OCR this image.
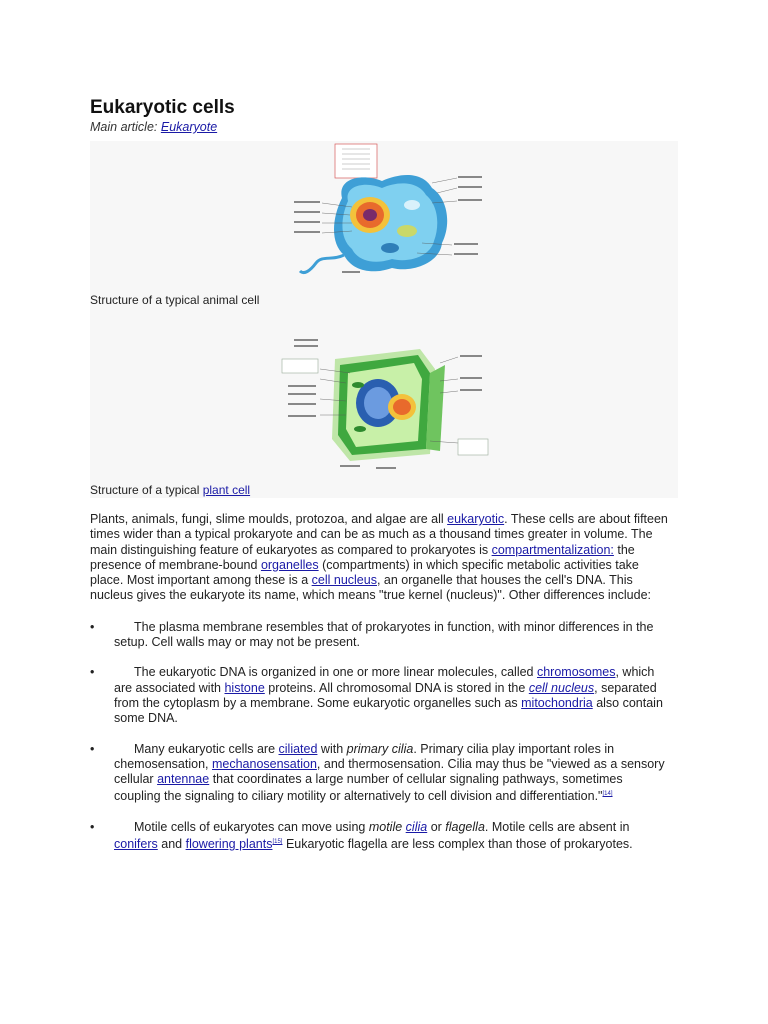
Eukaryotic cells
Main article: Eukaryote
Structure of a typical animal cell
Structure of a typical plant cell

Plants, animals, fungi, slime moulds, protozoa, and algae are all eukaryotic. These cells are about fifteen times wider than a typical prokaryote and can be as much as a thousand times greater in volume. The main distinguishing feature of eukaryotes as compared to prokaryotes is compartmentalization: the presence of membrane-bound organelles (compartments) in which specific metabolic activities take place. Most important among these is a cell nucleus, an organelle that houses the cell's DNA. This nucleus gives the eukaryote its name, which means "true kernel (nucleus)". Other differences include:

•	The plasma membrane resembles that of prokaryotes in function, with minor differences in the setup. Cell walls may or may not be present.
•	The eukaryotic DNA is organized in one or more linear molecules, called chromosomes, which are associated with histone proteins. All chromosomal DNA is stored in the cell nucleus, separated from the cytoplasm by a membrane. Some eukaryotic organelles such as mitochondria also contain some DNA.
•	Many eukaryotic cells are ciliated with primary cilia. Primary cilia play important roles in chemosensation, mechanosensation, and thermosensation. Cilia may thus be "viewed as a sensory cellular antennae that coordinates a large number of cellular signaling pathways, sometimes coupling the signaling to ciliary motility or alternatively to cell division and differentiation."[14]
•	Motile cells of eukaryotes can move using motile cilia or flagella. Motile cells are absent in conifers and flowering plants[15] Eukaryotic flagella are less complex than those of prokaryotes.
